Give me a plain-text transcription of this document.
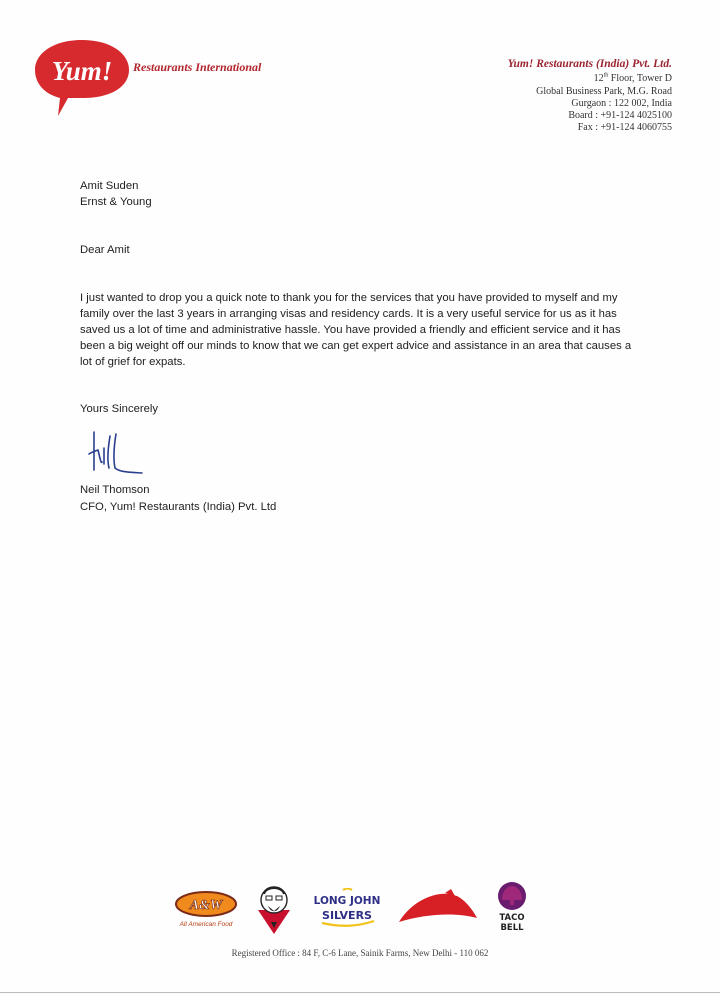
Yum! Restaurants International	Yum! Restaurants (India) Pvt. Ltd.
12th Floor, Tower D
Global Business Park, M.G. Road
Gurgaon : 122 002, India
Board : +91-124 4025100
Fax : +91-124 4060755
Amit Suden
Ernst & Young
Dear Amit
I just wanted to drop you a quick note to thank you for the services that you have provided to myself and my family over the last 3 years in arranging visas and residency cards. It is a very useful service for us as it has saved us a lot of time and administrative hassle. You have provided a friendly and efficient service and it has been a big weight off our minds to know that we can get expert advice and assistance in an area that causes a lot of grief for expats.
Yours Sincerely
Neil Thomson
CFO, Yum! Restaurants (India) Pvt. Ltd
A&W
All American Food
LONG JOHN
SILVERS	TACO
BELL
Registered Office : 84 F, C-6 Lane, Sainik Farms, New Delhi - 110 062
